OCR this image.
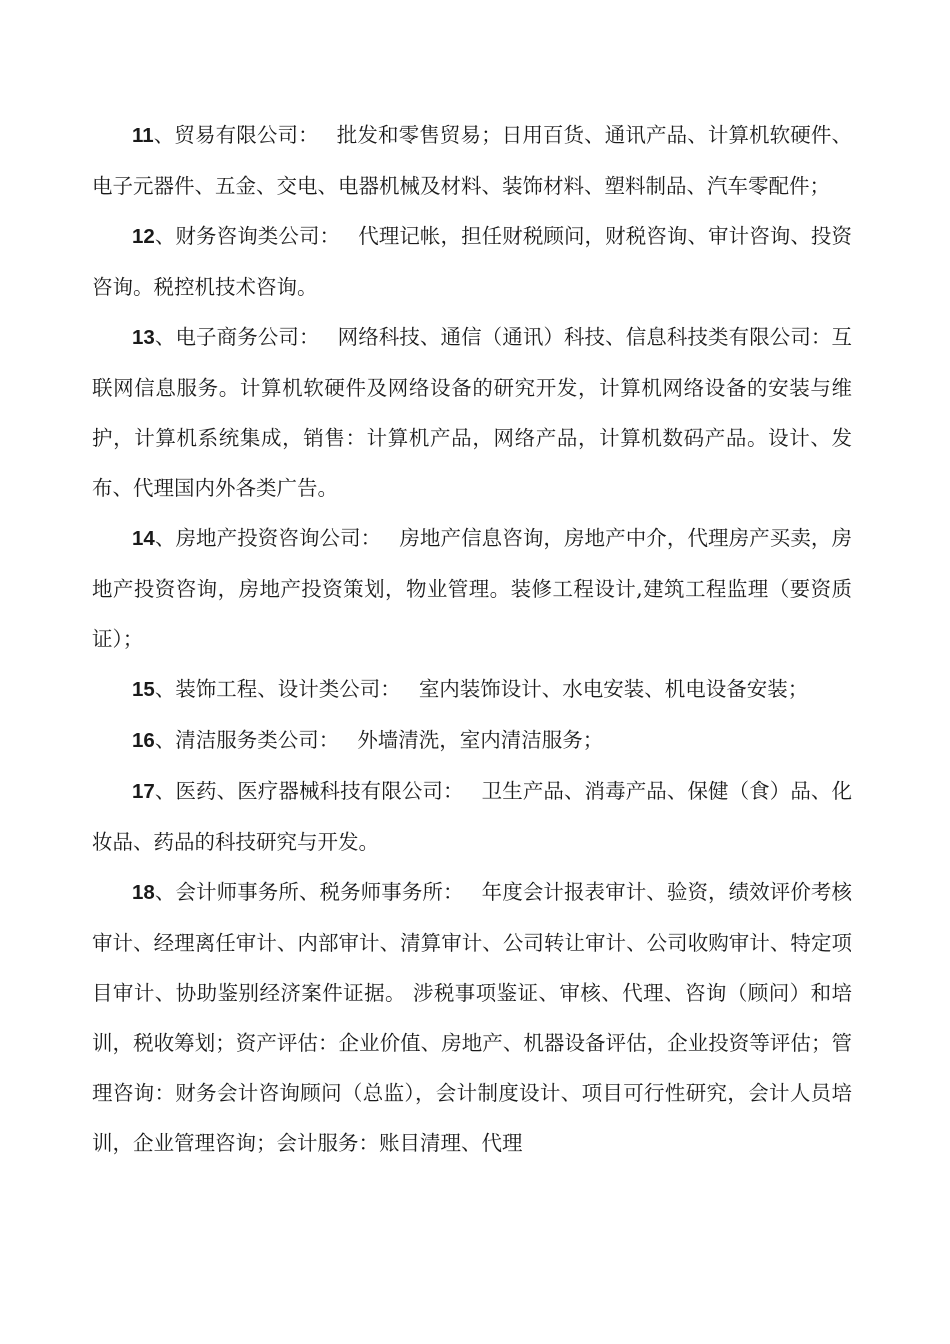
11、贸易有限公司： 批发和零售贸易；日用百货、通讯产品、计算机软硬件、电子元器件、五金、交电、电器机械及材料、装饰材料、塑料制品、汽车零配件；

12、财务咨询类公司： 代理记帐，担任财税顾问，财税咨询、审计咨询、投资咨询。税控机技术咨询。

13、电子商务公司： 网络科技、通信（通讯）科技、信息科技类有限公司：互联网信息服务。计算机软硬件及网络设备的研究开发，计算机网络设备的安装与维护，计算机系统集成，销售：计算机产品，网络产品，计算机数码产品。设计、发布、代理国内外各类广告。

14、房地产投资咨询公司： 房地产信息咨询，房地产中介，代理房产买卖，房地产投资咨询，房地产投资策划，物业管理。装修工程设计,建筑工程监理（要资质证）；

15、装饰工程、设计类公司： 室内装饰设计、水电安装、机电设备安装；

16、清洁服务类公司： 外墙清洗，室内清洁服务；

17、医药、医疗器械科技有限公司： 卫生产品、消毒产品、保健（食）品、化妆品、药品的科技研究与开发。

18、会计师事务所、税务师事务所： 年度会计报表审计、验资，绩效评价考核审计、经理离任审计、内部审计、清算审计、公司转让审计、公司收购审计、特定项目审计、协助鉴别经济案件证据。 涉税事项鉴证、审核、代理、咨询（顾问）和培训，税收筹划；资产评估：企业价值、房地产、机器设备评估，企业投资等评估；管理咨询：财务会计咨询顾问（总监），会计制度设计、项目可行性研究，会计人员培训，企业管理咨询；会计服务：账目清理、代理
